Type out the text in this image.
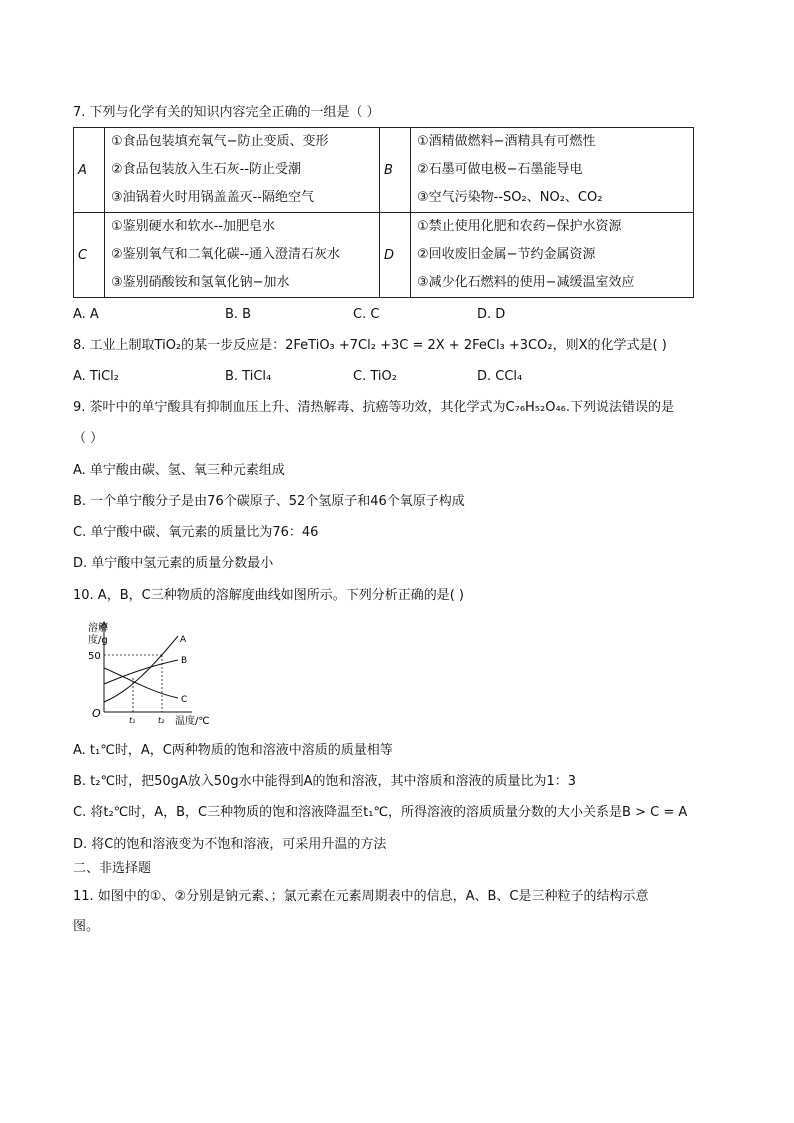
7. 下列与化学有关的知识内容完全正确的一组是（ ）
A	①食品包装填充氧气−防止变质、变形
②食品包装放入生石灰--防止受潮
③油锅着火时用锅盖盖灭--隔绝空气	B	①酒精做燃料−酒精具有可燃性
②石墨可做电极−石墨能导电
③空气污染物--SO₂、NO₂、CO₂

C	①鉴别硬水和软水--加肥皂水
②鉴别氧气和二氧化碳--通入澄清石灰水
③鉴别硝酸铵和氢氧化钠−加水	D	①禁止使用化肥和农药−保护水资源
②回收废旧金属−节约金属资源
③减少化石燃料的使用−减缓温室效应
A. A	B. B	C. C	D. D
8. 工业上制取TiO₂的某一步反应是：2FeTiO₃ +7Cl₂ +3C = 2X + 2FeCl₃ +3CO₂，则X的化学式是( )
A. TiCl₂	B. TiCl₄	C. TiO₂	D. CCl₄
9. 茶叶中的单宁酸具有抑制血压上升、清热解毒、抗癌等功效，其化学式为C₇₆H₅₂O₄₆.下列说法错误的是
（ ）
A. 单宁酸由碳、氢、氧三种元素组成
B. 一个单宁酸分子是由76个碳原子、52个氢原子和46个氧原子构成
C. 单宁酸中碳、氧元素的质量比为76：46
D. 单宁酸中氢元素的质量分数最小
10. A，B，C三种物质的溶解度曲线如图所示。下列分析正确的是( )
溶解
度/g
50
O
t₁	t₂ 温度/℃
A
B
C
A. t₁℃时，A，C两种物质的饱和溶液中溶质的质量相等
B. t₂℃时，把50gA放入50g水中能得到A的饱和溶液，其中溶质和溶液的质量比为1：3
C. 将t₂℃时，A，B，C三种物质的饱和溶液降温至t₁℃，所得溶液的溶质质量分数的大小关系是B > C = A
D. 将C的饱和溶液变为不饱和溶液，可采用升温的方法
二、非选择题
11. 如图中的①、②分别是钠元素、；氯元素在元素周期表中的信息，A、B、C是三种粒子的结构示意
图。
